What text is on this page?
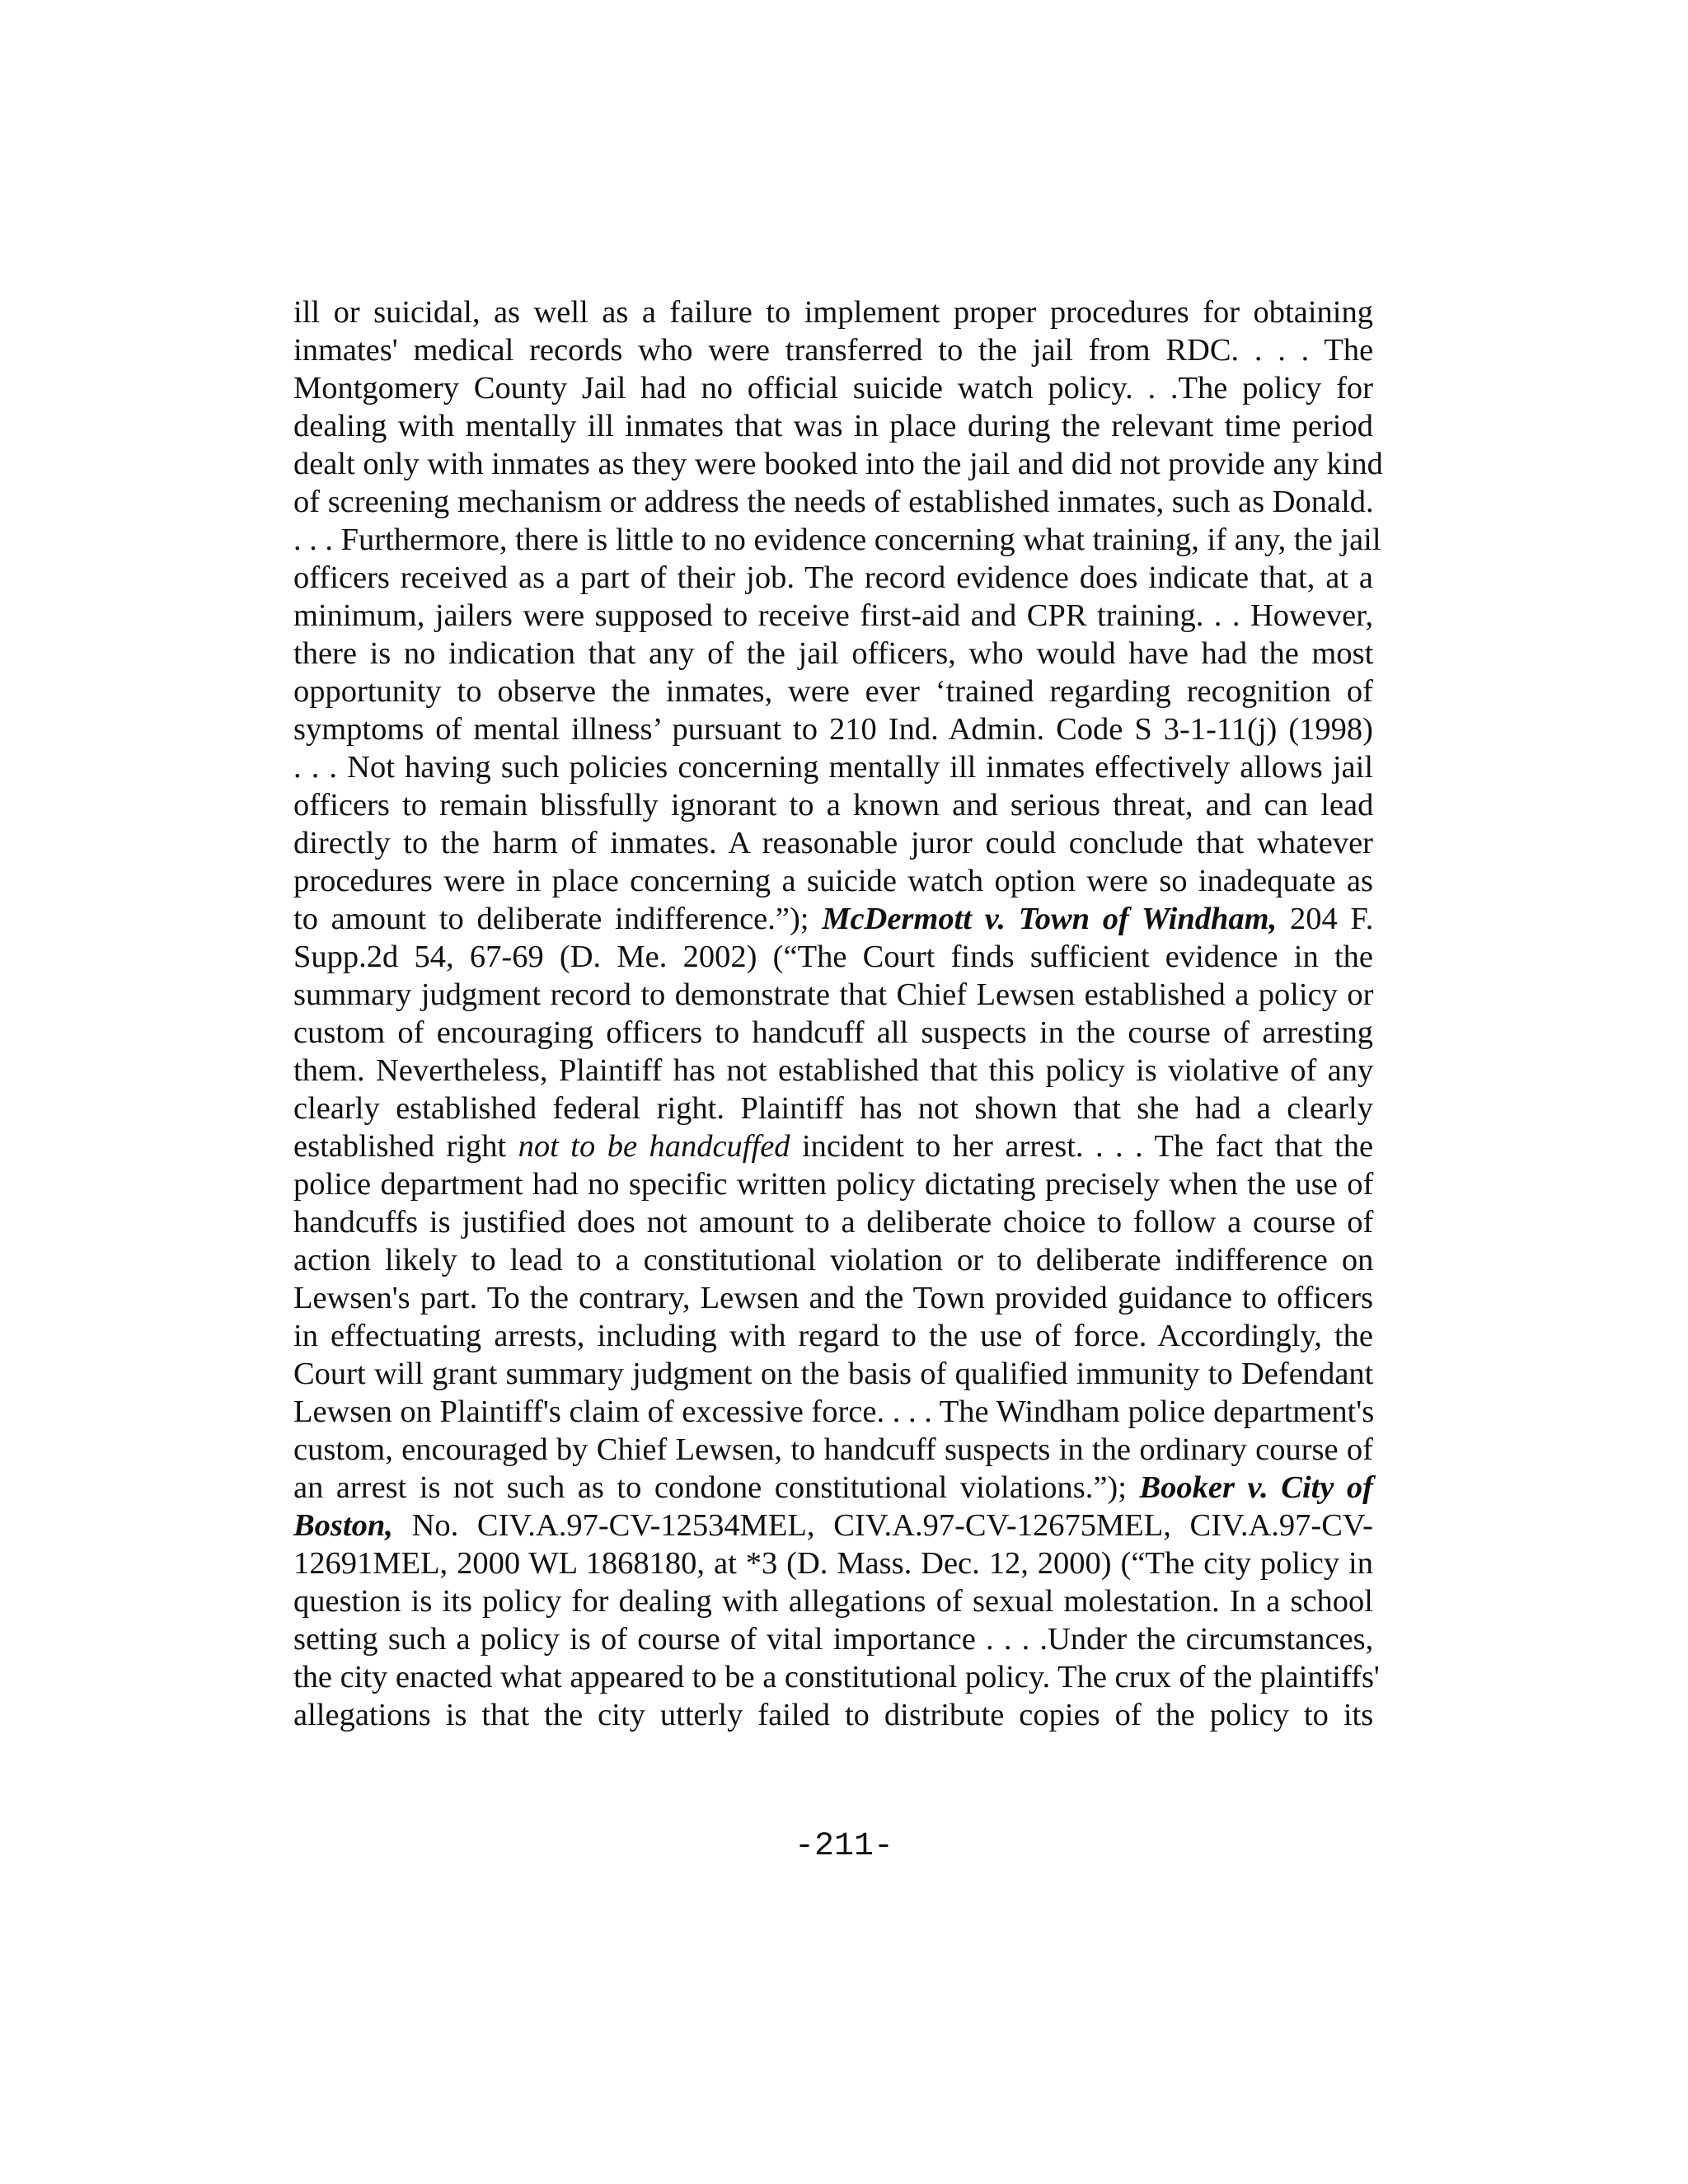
ill or suicidal, as well as a failure to implement proper procedures for obtaining
inmates' medical records who were transferred to the jail from RDC. . . . The
Montgomery County Jail had no official suicide watch policy. . .The policy for
dealing with mentally ill inmates that was in place during the relevant time period
dealt only with inmates as they were booked into the jail and did not provide any kind
of screening mechanism or address the needs of established inmates, such as Donald.
. . . Furthermore, there is little to no evidence concerning what training, if any, the jail
officers received as a part of their job. The record evidence does indicate that, at a
minimum, jailers were supposed to receive first-aid and CPR training. . . However,
there is no indication that any of the jail officers, who would have had the most
opportunity to observe the inmates, were ever ‘trained regarding recognition of
symptoms of mental illness’ pursuant to 210 Ind. Admin. Code S 3-1-11(j) (1998)
. . . Not having such policies concerning mentally ill inmates effectively allows jail
officers to remain blissfully ignorant to a known and serious threat, and can lead
directly to the harm of inmates. A reasonable juror could conclude that whatever
procedures were in place concerning a suicide watch option were so inadequate as
to amount to deliberate indifference.”); McDermott v. Town of Windham, 204 F.
Supp.2d 54, 67-69 (D. Me. 2002) (“The Court finds sufficient evidence in the
summary judgment record to demonstrate that Chief Lewsen established a policy or
custom of encouraging officers to handcuff all suspects in the course of arresting
them. Nevertheless, Plaintiff has not established that this policy is violative of any
clearly established federal right. Plaintiff has not shown that she had a clearly
established right not to be handcuffed incident to her arrest. . . . The fact that the
police department had no specific written policy dictating precisely when the use of
handcuffs is justified does not amount to a deliberate choice to follow a course of
action likely to lead to a constitutional violation or to deliberate indifference on
Lewsen's part. To the contrary, Lewsen and the Town provided guidance to officers
in effectuating arrests, including with regard to the use of force. Accordingly, the
Court will grant summary judgment on the basis of qualified immunity to Defendant
Lewsen on Plaintiff's claim of excessive force. . . . The Windham police department's
custom, encouraged by Chief Lewsen, to handcuff suspects in the ordinary course of
an arrest is not such as to condone constitutional violations.”); Booker v. City of
Boston, No. CIV.A.97-CV-12534MEL, CIV.A.97-CV-12675MEL, CIV.A.97-CV-
12691MEL, 2000 WL 1868180, at *3 (D. Mass. Dec. 12, 2000) (“The city policy in
question is its policy for dealing with allegations of sexual molestation. In a school
setting such a policy is of course of vital importance . . . .Under the circumstances,
the city enacted what appeared to be a constitutional policy. The crux of the plaintiffs'
allegations is that the city utterly failed to distribute copies of the policy to its
-211-
